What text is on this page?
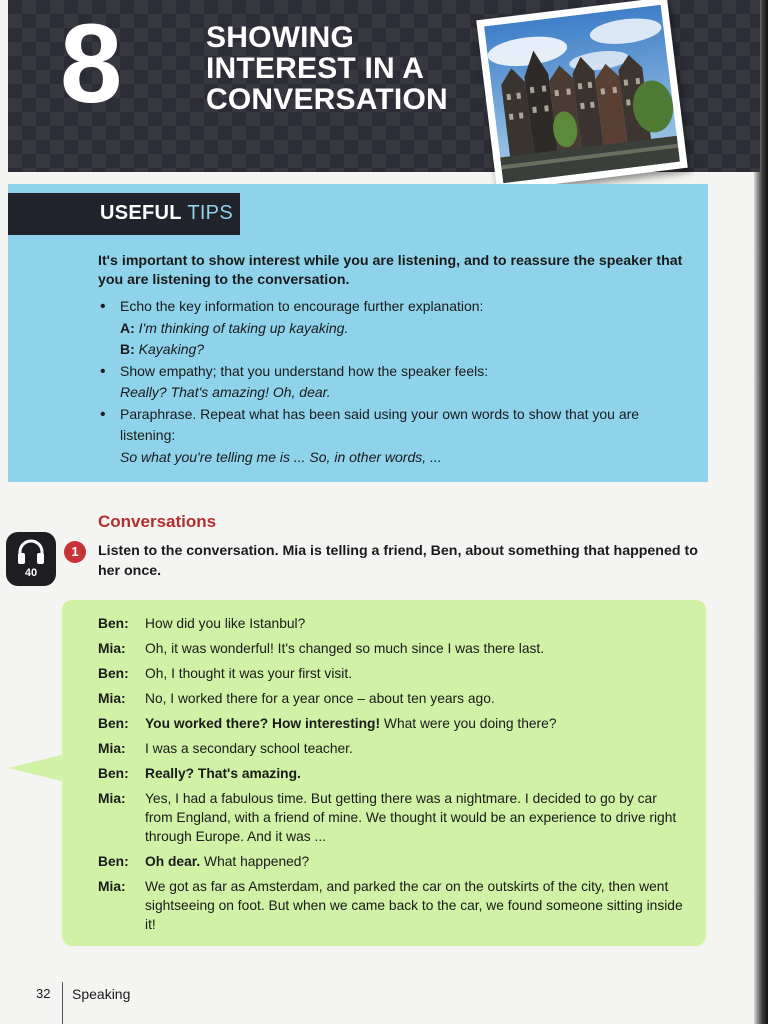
8	SHOWING
INTEREST IN A
CONVERSATION
USEFUL TIPS
It's important to show interest while you are listening, and to reassure the speaker that you are listening to the conversation.
• Echo the key information to encourage further explanation:
A: I'm thinking of taking up kayaking.
B: Kayaking?
• Show empathy; that you understand how the speaker feels:
Really? That's amazing! Oh, dear.
• Paraphrase. Repeat what has been said using your own words to show that you are listening:
So what you're telling me is ... So, in other words, ...
Conversations
40
1	Listen to the conversation. Mia is telling a friend, Ben, about something that happened to her once.
Ben:	How did you like Istanbul?
Mia:	Oh, it was wonderful! It's changed so much since I was there last.
Ben:	Oh, I thought it was your first visit.
Mia:	No, I worked there for a year once – about ten years ago.
Ben:	You worked there? How interesting! What were you doing there?
Mia:	I was a secondary school teacher.
Ben:	Really? That's amazing.
Mia:	Yes, I had a fabulous time. But getting there was a nightmare. I decided to go by car from England, with a friend of mine. We thought it would be an experience to drive right through Europe. And it was ...
Ben:	Oh dear. What happened?
Mia:	We got as far as Amsterdam, and parked the car on the outskirts of the city, then went sightseeing on foot. But when we came back to the car, we found someone sitting inside it!
32 Speaking
